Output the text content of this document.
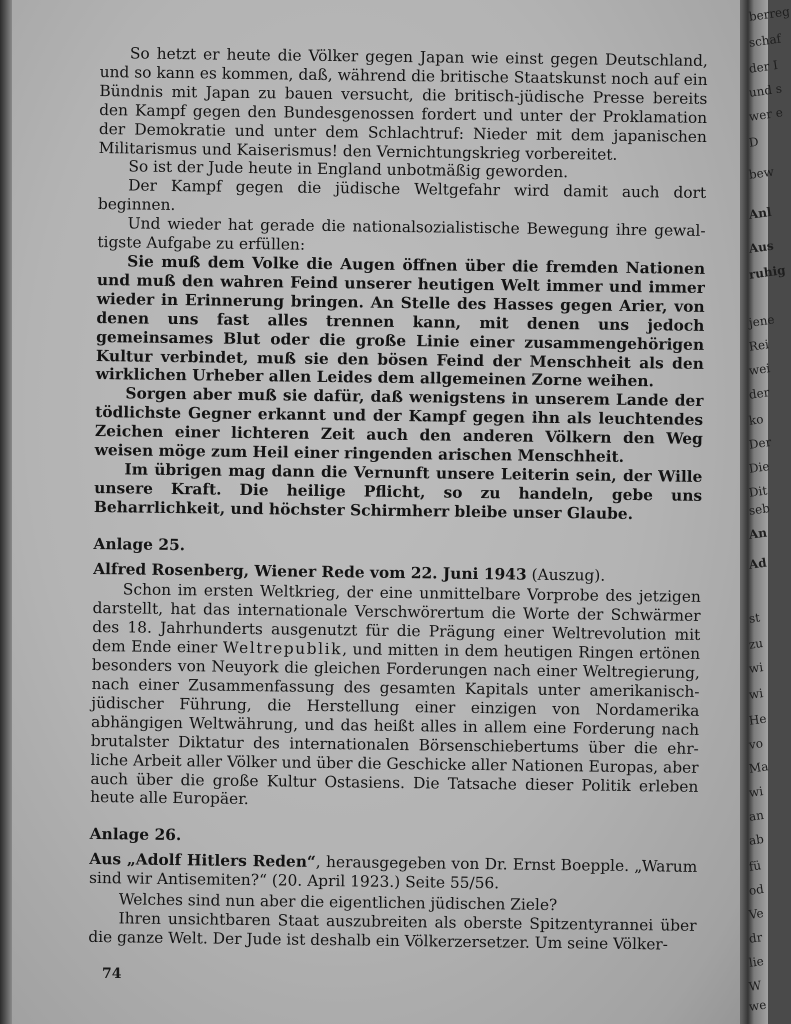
So hetzt er heute die Völker gegen Japan wie einst gegen Deutschland, und so kann es kommen, daß, während die britische Staatskunst noch auf ein Bündnis mit Japan zu bauen versucht, die britisch-jüdische Presse bereits den Kampf gegen den Bundesgenossen fordert und unter der Proklamation der Demokratie und unter dem Schlachtruf: Nieder mit dem japanischen Militarismus und Kaiserismus! den Vernichtungskrieg vorbereitet.

So ist der Jude heute in England unbotmäßig geworden.

Der Kampf gegen die jüdische Weltgefahr wird damit auch dort beginnen.

Und wieder hat gerade die nationalsozialistische Bewegung ihre gewaltigste Aufgabe zu erfüllen:

Sie muß dem Volke die Augen öffnen über die fremden Nationen und muß den wahren Feind unserer heutigen Welt immer und immer wieder in Erinnerung bringen. An Stelle des Hasses gegen Arier, von denen uns fast alles trennen kann, mit denen uns jedoch gemeinsames Blut oder die große Linie einer zusammengehörigen Kultur verbindet, muß sie den bösen Feind der Menschheit als den wirklichen Urheber allen Leides dem allgemeinen Zorne weihen.

Sorgen aber muß sie dafür, daß wenigstens in unserem Lande der tödlichste Gegner erkannt und der Kampf gegen ihn als leuchtendes Zeichen einer lichteren Zeit auch den anderen Völkern den Weg weisen möge zum Heil einer ringenden arischen Menschheit.

Im übrigen mag dann die Vernunft unsere Leiterin sein, der Wille unsere Kraft. Die heilige Pflicht, so zu handeln, gebe uns Beharrlichkeit, und höchster Schirmherr bleibe unser Glaube.

Anlage 25.

Alfred Rosenberg, Wiener Rede vom 22. Juni 1943 (Auszug).

Schon im ersten Weltkrieg, der eine unmittelbare Vorprobe des jetzigen darstellt, hat das internationale Verschwörertum die Worte der Schwärmer des 18. Jahrhunderts ausgenutzt für die Prägung einer Weltrevolution mit dem Ende einer Weltrepublik, und mitten in dem heutigen Ringen ertönen besonders von Neuyork die gleichen Forderungen nach einer Weltregierung, nach einer Zusammenfassung des gesamten Kapitals unter amerikanisch-jüdischer Führung, die Herstellung einer einzigen von Nordamerika abhängigen Weltwährung, und das heißt alles in allem eine Forderung nach brutalster Diktatur des internationalen Börsenschiebertums über die ehrliche Arbeit aller Völker und über die Geschicke aller Nationen Europas, aber auch über die große Kultur Ostasiens. Die Tatsache dieser Politik erleben heute alle Europäer.

Anlage 26.

Aus „Adolf Hitlers Reden“, herausgegeben von Dr. Ernst Boepple. „Warum sind wir Antisemiten?“ (20. April 1923.) Seite 55/56.

Welches sind nun aber die eigentlichen jüdischen Ziele?

Ihren unsichtbaren Staat auszubreiten als oberste Spitzentyrannei über die ganze Welt. Der Jude ist deshalb ein Völkerzersetzer. Um seine Völker-

74
berreg
schaf
der I
und s
wer e
D
bew
Anl
Aus
ruhig
jene
Rei
wei
der
ko
Der
Die
Dit
seb
An
Ad
st
zu
wi
wi
He
vo
Ma
wi
an
ab
fü
od
Ve
dr
lie
W
we
